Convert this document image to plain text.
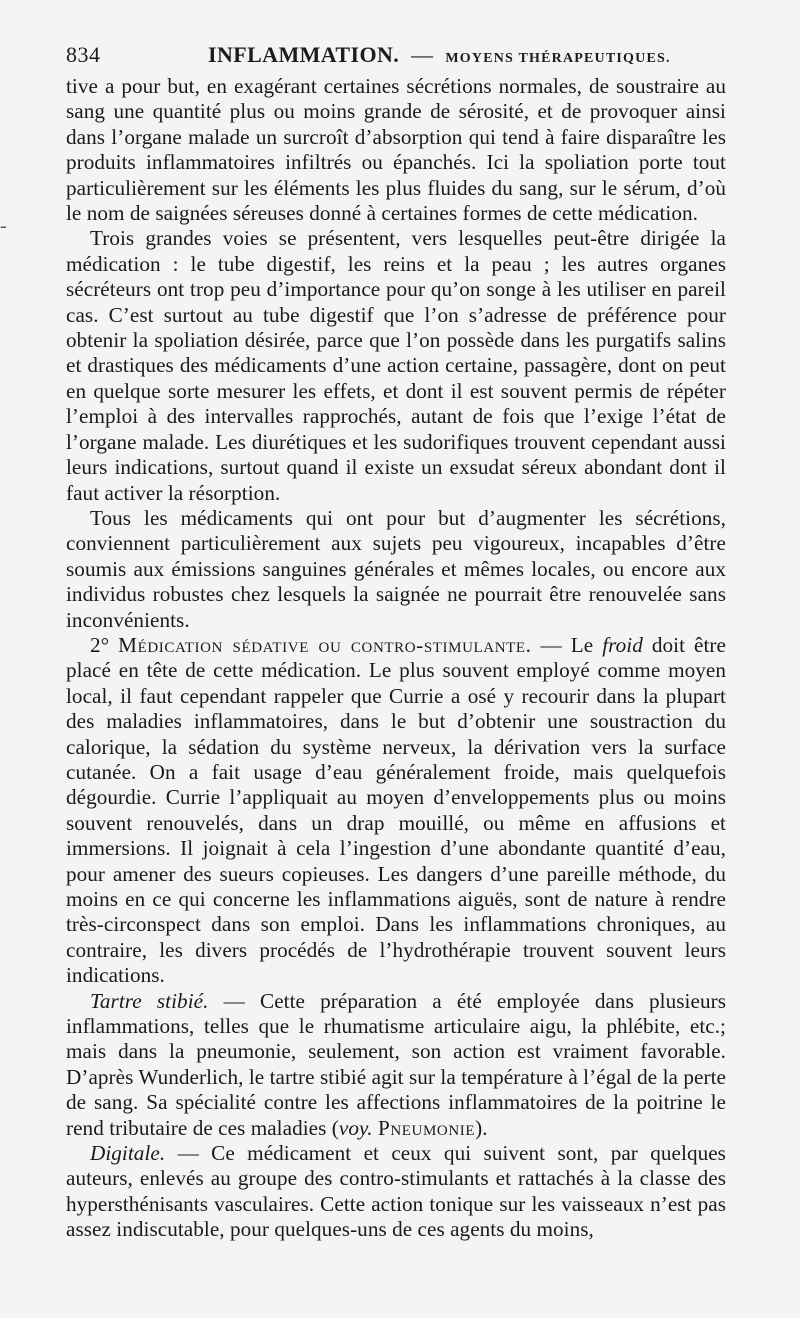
-
834	INFLAMMATION. — MOYENS THÉRAPEUTIQUES.

tive a pour but, en exagérant certaines sécrétions normales, de soustraire au sang une quantité plus ou moins grande de sérosité, et de provoquer ainsi dans l’organe malade un surcroît d’absorption qui tend à faire disparaître les produits inflammatoires infiltrés ou épanchés. Ici la spoliation porte tout particulièrement sur les éléments les plus fluides du sang, sur le sérum, d’où le nom de saignées séreuses donné à certaines formes de cette médication.

Trois grandes voies se présentent, vers lesquelles peut-être dirigée la médication : le tube digestif, les reins et la peau ; les autres organes sécréteurs ont trop peu d’importance pour qu’on songe à les utiliser en pareil cas. C’est surtout au tube digestif que l’on s’adresse de préférence pour obtenir la spoliation désirée, parce que l’on possède dans les purgatifs salins et drastiques des médicaments d’une action certaine, passagère, dont on peut en quelque sorte mesurer les effets, et dont il est souvent permis de répéter l’emploi à des intervalles rapprochés, autant de fois que l’exige l’état de l’organe malade. Les diurétiques et les sudorifiques trouvent cependant aussi leurs indications, surtout quand il existe un exsudat séreux abondant dont il faut activer la résorption.

Tous les médicaments qui ont pour but d’augmenter les sécrétions, conviennent particulièrement aux sujets peu vigoureux, incapables d’être soumis aux émissions sanguines générales et mêmes locales, ou encore aux individus robustes chez lesquels la saignée ne pourrait être renouvelée sans inconvénients.

2° Médication sédative ou contro-stimulante. — Le froid doit être placé en tête de cette médication. Le plus souvent employé comme moyen local, il faut cependant rappeler que Currie a osé y recourir dans la plupart des maladies inflammatoires, dans le but d’obtenir une soustraction du calorique, la sédation du système nerveux, la dérivation vers la surface cutanée. On a fait usage d’eau généralement froide, mais quelquefois dégourdie. Currie l’appliquait au moyen d’enveloppements plus ou moins souvent renouvelés, dans un drap mouillé, ou même en affusions et immersions. Il joignait à cela l’ingestion d’une abondante quantité d’eau, pour amener des sueurs copieuses. Les dangers d’une pareille méthode, du moins en ce qui concerne les inflammations aiguës, sont de nature à rendre très-circonspect dans son emploi. Dans les inflammations chroniques, au contraire, les divers procédés de l’hydrothérapie trouvent souvent leurs indications.

Tartre stibié. — Cette préparation a été employée dans plusieurs inflammations, telles que le rhumatisme articulaire aigu, la phlébite, etc.; mais dans la pneumonie, seulement, son action est vraiment favorable. D’après Wunderlich, le tartre stibié agit sur la température à l’égal de la perte de sang. Sa spécialité contre les affections inflammatoires de la poitrine le rend tributaire de ces maladies (voy. Pneumonie).

Digitale. — Ce médicament et ceux qui suivent sont, par quelques auteurs, enlevés au groupe des contro-stimulants et rattachés à la classe des hypersthénisants vasculaires. Cette action tonique sur les vaisseaux n’est pas assez indiscutable, pour quelques-uns de ces agents du moins,
